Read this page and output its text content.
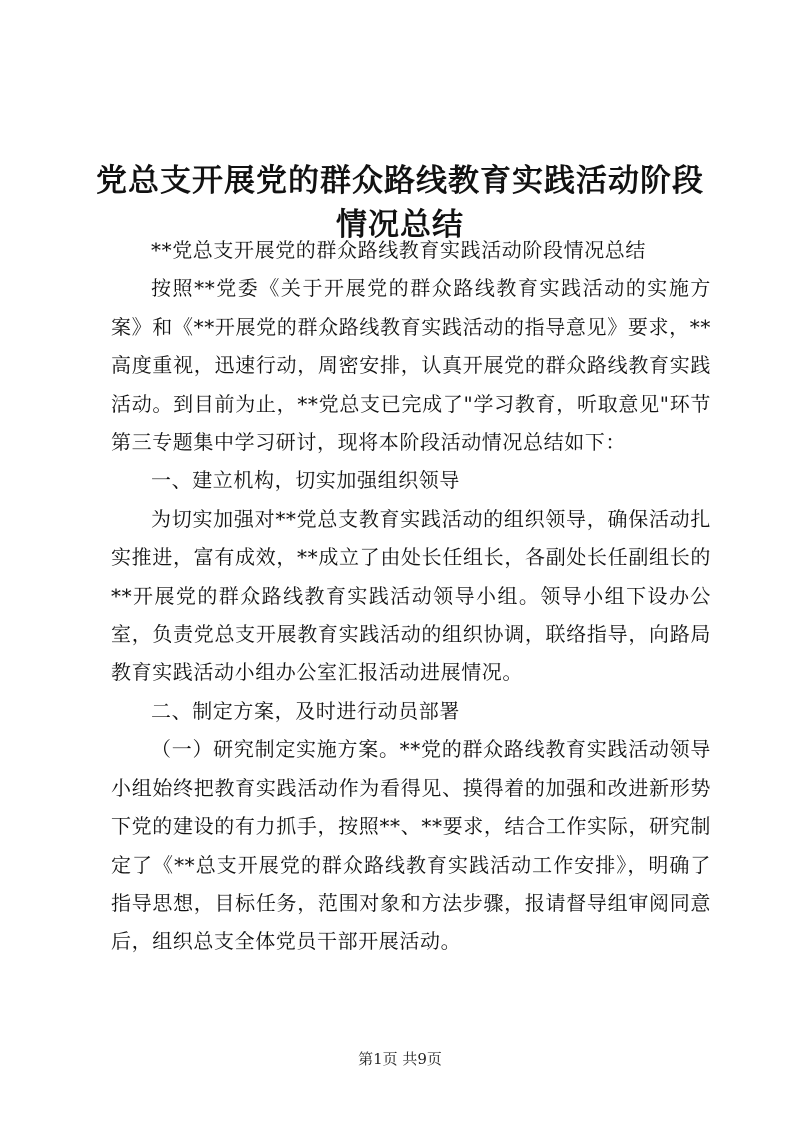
党总支开展党的群众路线教育实践活动阶段情况总结

**党总支开展党的群众路线教育实践活动阶段情况总结

按照**党委《关于开展党的群众路线教育实践活动的实施方案》和《**开展党的群众路线教育实践活动的指导意见》要求，**高度重视，迅速行动，周密安排，认真开展党的群众路线教育实践活动。到目前为止，**党总支已完成了"学习教育，听取意见"环节第三专题集中学习研讨，现将本阶段活动情况总结如下：

一、建立机构，切实加强组织领导

为切实加强对**党总支教育实践活动的组织领导，确保活动扎实推进，富有成效，**成立了由处长任组长，各副处长任副组长的**开展党的群众路线教育实践活动领导小组。领导小组下设办公室，负责党总支开展教育实践活动的组织协调，联络指导，向路局教育实践活动小组办公室汇报活动进展情况。

二、制定方案，及时进行动员部署

（一）研究制定实施方案。**党的群众路线教育实践活动领导小组始终把教育实践活动作为看得见、摸得着的加强和改进新形势下党的建设的有力抓手，按照**、**要求，结合工作实际，研究制定了《**总支开展党的群众路线教育实践活动工作安排》，明确了指导思想，目标任务，范围对象和方法步骤，报请督导组审阅同意后，组织总支全体党员干部开展活动。

第1页 共9页
